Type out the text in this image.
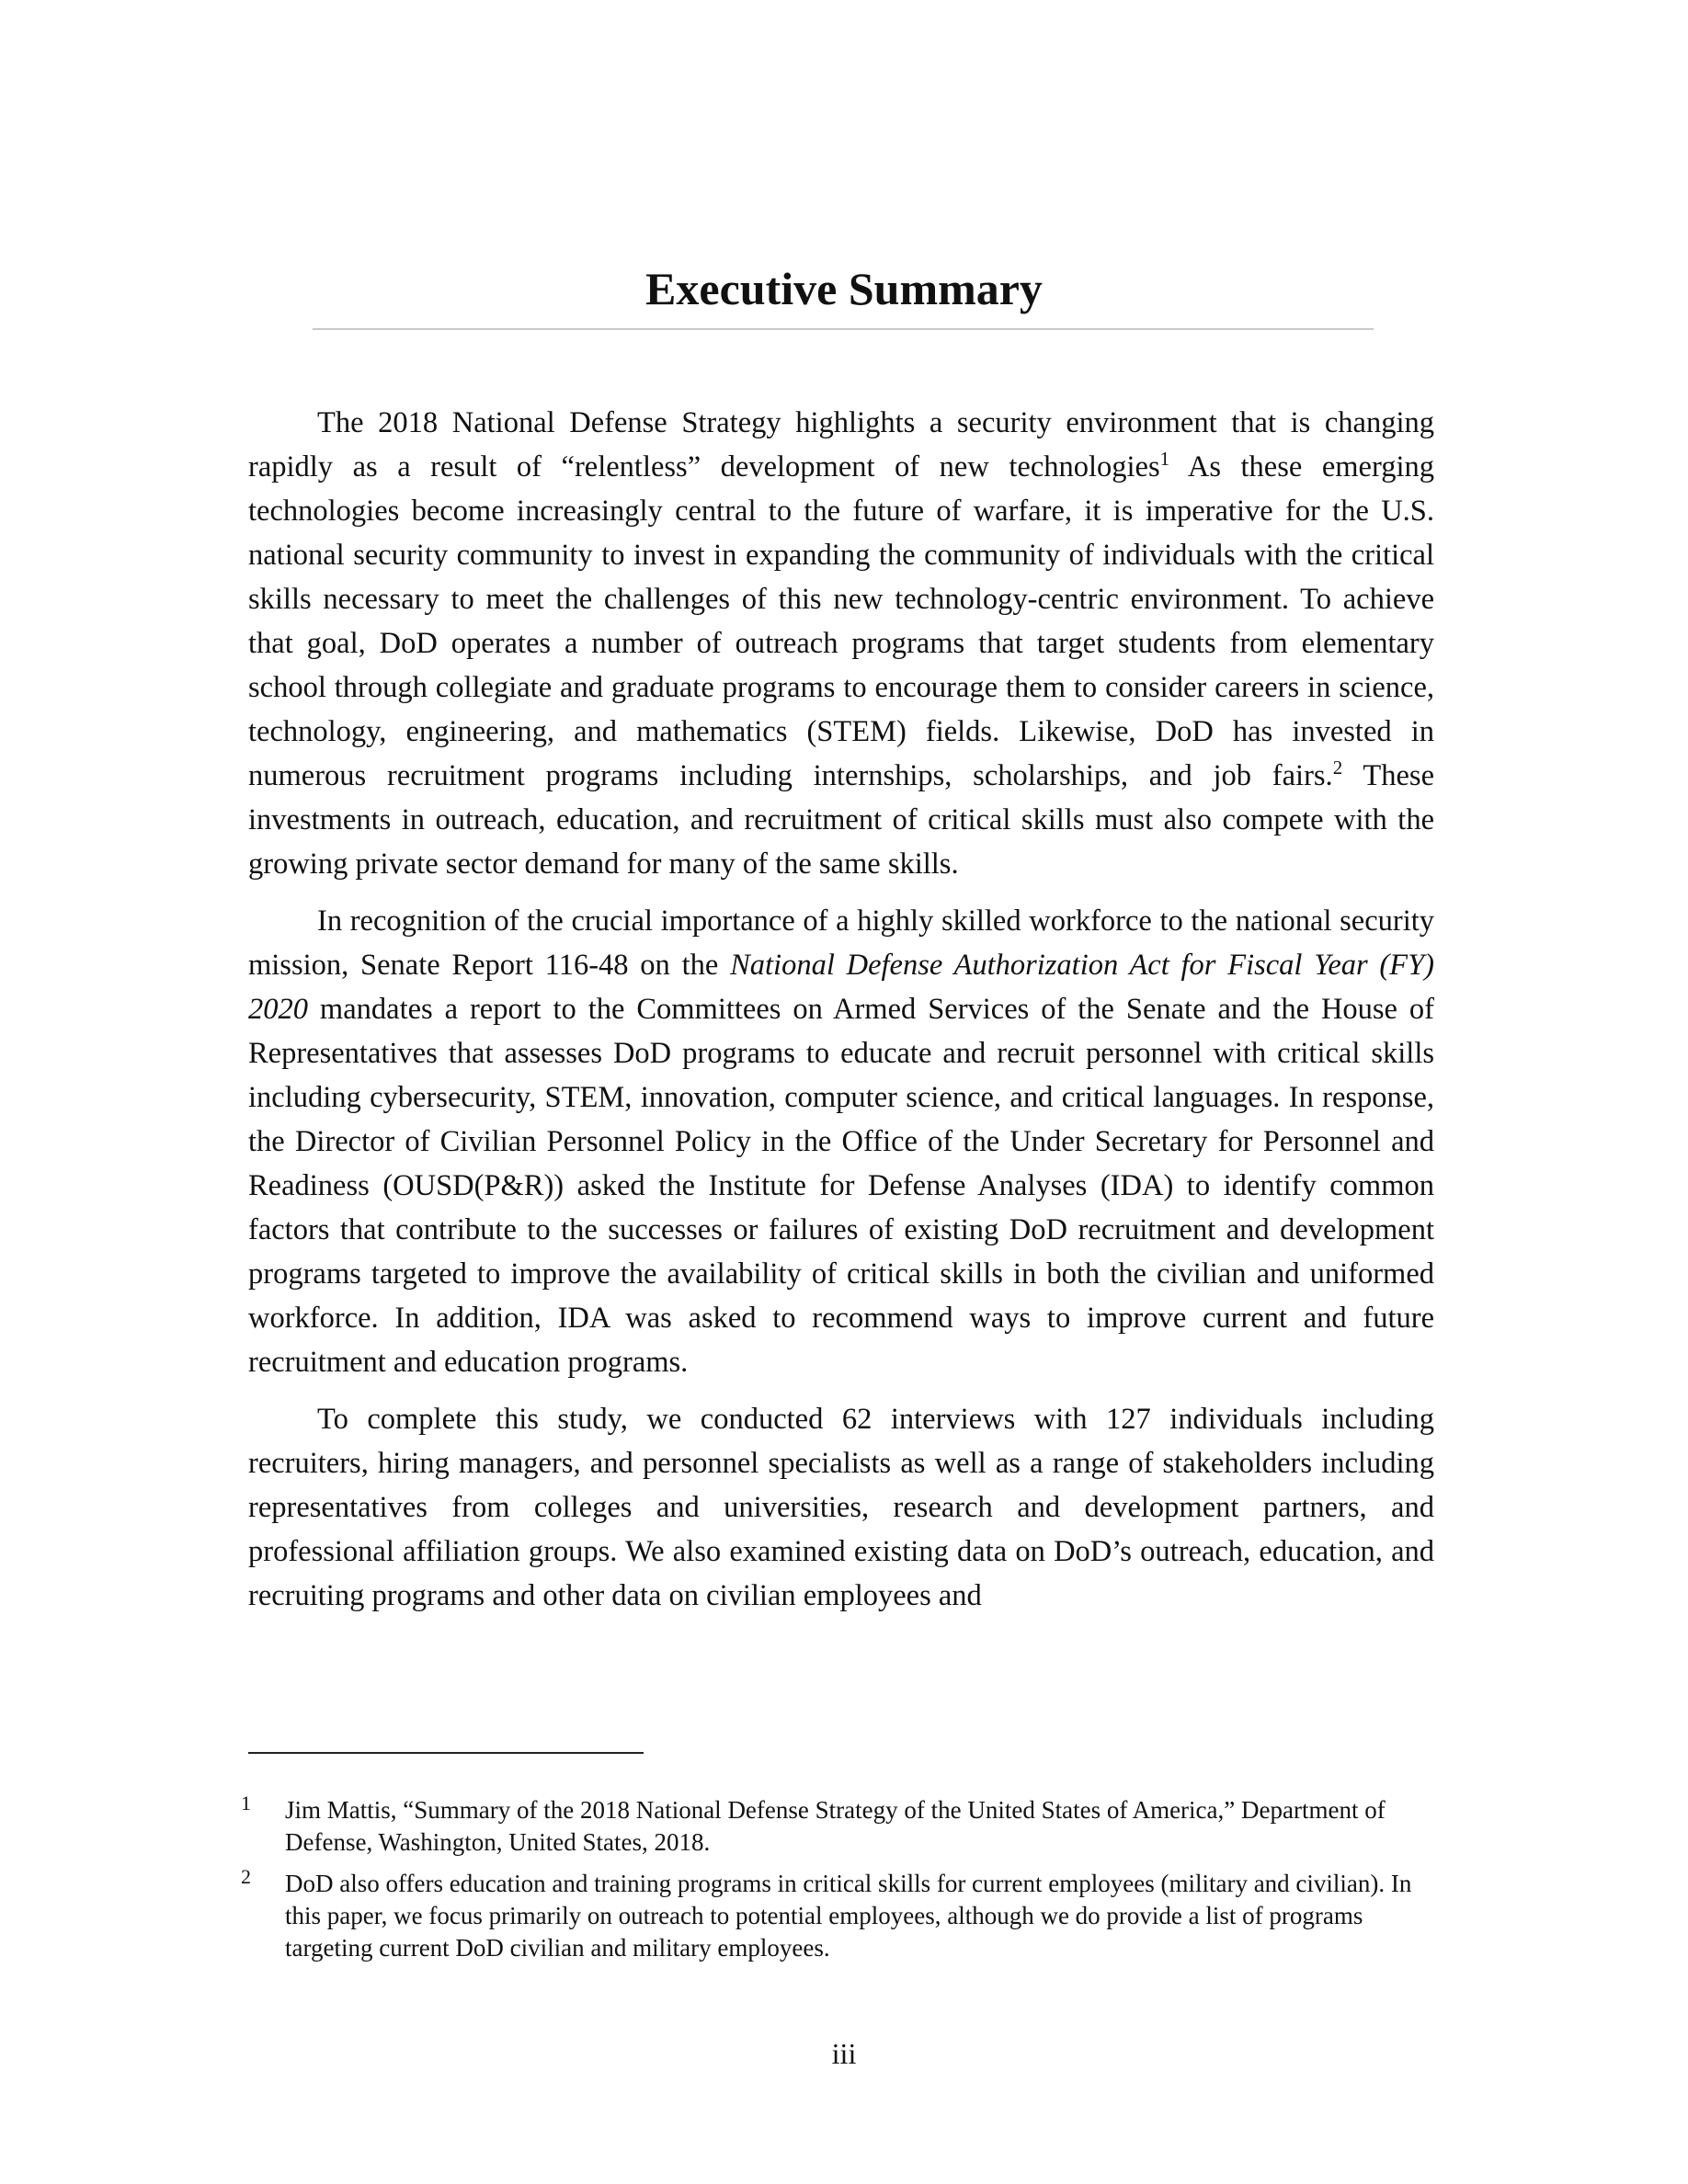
Executive Summary

The 2018 National Defense Strategy highlights a security environment that is changing rapidly as a result of “relentless” development of new technologies$^1$ As these emerging technologies become increasingly central to the future of warfare, it is imperative for the U.S. national security community to invest in expanding the community of individuals with the critical skills necessary to meet the challenges of this new technology-centric environment. To achieve that goal, DoD operates a number of outreach programs that target students from elementary school through collegiate and graduate programs to encourage them to consider careers in science, technology, engineering, and mathematics (STEM) fields. Likewise, DoD has invested in numerous recruitment programs including internships, scholarships, and job fairs.$^2$ These investments in outreach, education, and recruitment of critical skills must also compete with the growing private sector demand for many of the same skills.

In recognition of the crucial importance of a highly skilled workforce to the national security mission, Senate Report 116-48 on the National Defense Authorization Act for Fiscal Year (FY) 2020 mandates a report to the Committees on Armed Services of the Senate and the House of Representatives that assesses DoD programs to educate and recruit personnel with critical skills including cybersecurity, STEM, innovation, computer science, and critical languages. In response, the Director of Civilian Personnel Policy in the Office of the Under Secretary for Personnel and Readiness (OUSD(P&R)) asked the Institute for Defense Analyses (IDA) to identify common factors that contribute to the successes or failures of existing DoD recruitment and development programs targeted to improve the availability of critical skills in both the civilian and uniformed workforce. In addition, IDA was asked to recommend ways to improve current and future recruitment and education programs.

To complete this study, we conducted 62 interviews with 127 individuals including recruiters, hiring managers, and personnel specialists as well as a range of stakeholders including representatives from colleges and universities, research and development partners, and professional affiliation groups. We also examined existing data on DoD’s outreach, education, and recruiting programs and other data on civilian employees and

1 Jim Mattis, “Summary of the 2018 National Defense Strategy of the United States of America,” Department of Defense, Washington, United States, 2018.
2 DoD also offers education and training programs in critical skills for current employees (military and civilian). In this paper, we focus primarily on outreach to potential employees, although we do provide a list of programs targeting current DoD civilian and military employees.
iii
